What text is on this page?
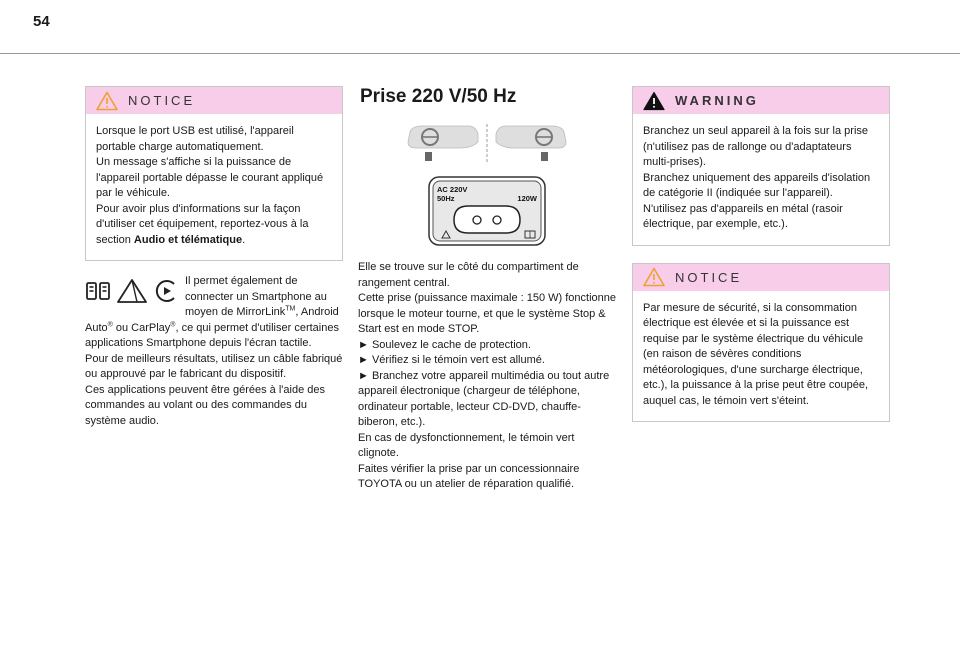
54
NOTICE

Lorsque le port USB est utilisé, l'appareil portable charge automatiquement.

Un message s'affiche si la puissance de l'appareil portable dépasse le courant appliqué par le véhicule.

Pour avoir plus d'informations sur la façon d'utiliser cet équipement, reportez-vous à la section Audio et télématique.

Il permet également de connecter un Smartphone au moyen de MirrorLink™, Android Auto® ou CarPlay®, ce qui permet d'utiliser certaines applications Smartphone depuis l'écran tactile.

Pour de meilleurs résultats, utilisez un câble fabriqué ou approuvé par le fabricant du dispositif.

Ces applications peuvent être gérées à l'aide des commandes au volant ou des commandes du système audio.

Prise 220 V/50 Hz
AC 220V
50Hz	120W

Elle se trouve sur le côté du compartiment de rangement central.

Cette prise (puissance maximale : 150 W) fonctionne lorsque le moteur tourne, et que le système Stop & Start est en mode STOP.

► Soulevez le cache de protection.

► Vérifiez si le témoin vert est allumé.

► Branchez votre appareil multimédia ou tout autre appareil électronique (chargeur de téléphone, ordinateur portable, lecteur CD-DVD, chauffe-biberon, etc.).

En cas de dysfonctionnement, le témoin vert clignote.

Faites vérifier la prise par un concessionnaire TOYOTA ou un atelier de réparation qualifié.

WARNING

Branchez un seul appareil à la fois sur la prise (n'utilisez pas de rallonge ou d'adaptateurs multi-prises).

Branchez uniquement des appareils d'isolation de catégorie II (indiquée sur l'appareil).

N'utilisez pas d'appareils en métal (rasoir électrique, par exemple, etc.).

NOTICE

Par mesure de sécurité, si la consommation électrique est élevée et si la puissance est requise par le système électrique du véhicule (en raison de sévères conditions météorologiques, d'une surcharge électrique, etc.), la puissance à la prise peut être coupée, auquel cas, le témoin vert s'éteint.
